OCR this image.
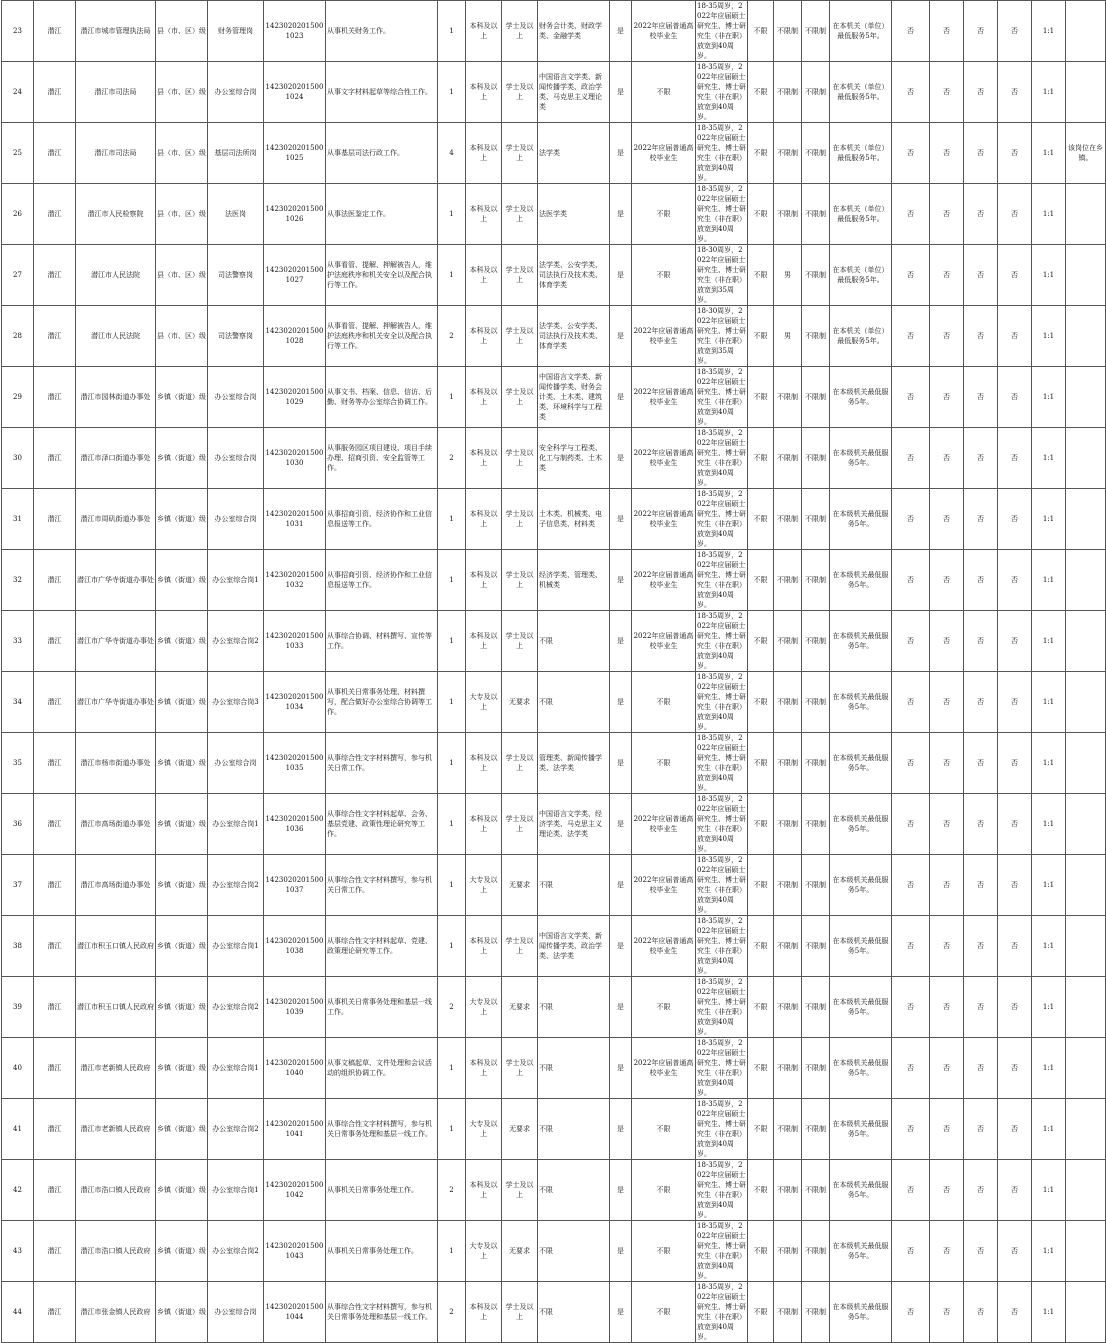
23	潜江	潜江市城市管理执法局	县（市、区）级	财务管理岗	14230202015001023	从事机关财务工作。	1	本科及以上	学士及以上	财务会计类、财政学类、金融学类	是	2022年应届普通高校毕业生	18-35周岁，2022年应届硕士研究生、博士研究生（非在职）放宽到40周岁。	不限	不限制	不限制	在本机关（单位）最低服务5年。	否	否	否	否	1:1	
24	潜江	潜江市司法局	县（市、区）级	办公室综合岗	14230202015001024	从事文字材料起草等综合性工作。	1	本科及以上	学士及以上	中国语言文学类、新闻传播学类、政治学类、马克思主义理论类	是	不限	18-35周岁，2022年应届硕士研究生、博士研究生（非在职）放宽到40周岁。	不限	不限制	不限制	在本机关（单位）最低服务5年。	否	否	否	否	1:1	
25	潜江	潜江市司法局	县（市、区）级	基层司法所岗	14230202015001025	从事基层司法行政工作。	4	本科及以上	学士及以上	法学类	是	2022年应届普通高校毕业生	18-35周岁，2022年应届硕士研究生、博士研究生（非在职）放宽到40周岁。	不限	不限制	不限制	在本机关（单位）最低服务5年。	否	否	否	否	1:1	该岗位在乡镇。
26	潜江	潜江市人民检察院	县（市、区）级	法医岗	14230202015001026	从事法医鉴定工作。	1	本科及以上	学士及以上	法医学类	是	不限	18-35周岁，2022年应届硕士研究生、博士研究生（非在职）放宽到40周岁。	不限	不限制	不限制	在本机关（单位）最低服务5年。	否	否	否	否	1:1	
27	潜江	潜江市人民法院	县（市、区）级	司法警察岗	14230202015001027	从事看管、提解、押解被告人，维护法庭秩序和机关安全以及配合执行等工作。	1	本科及以上	学士及以上	法学类、公安学类、司法执行及技术类、体育学类	是	不限	18-30周岁，2022年应届硕士研究生、博士研究生（非在职）放宽到35周岁。	不限	男	不限制	在本机关（单位）最低服务5年。	否	否	否	否	1:1	
28	潜江	潜江市人民法院	县（市、区）级	司法警察岗	14230202015001028	从事看管、提解、押解被告人，维护法庭秩序和机关安全以及配合执行等工作。	2	本科及以上	学士及以上	法学类、公安学类、司法执行及技术类、体育学类	是	2022年应届普通高校毕业生	18-30周岁，2022年应届硕士研究生、博士研究生（非在职）放宽到35周岁。	不限	男	不限制	在本机关（单位）最低服务5年。	否	否	否	否	1:1	
29	潜江	潜江市园林街道办事处	乡镇（街道）级	办公室综合岗	14230202015001029	从事文书、档案、信息、信访、后勤、财务等办公室综合协调工作。	1	本科及以上	学士及以上	中国语言文学类、新闻传播学类、财务会计类、土木类、建筑类、环境科学与工程类	是	2022年应届普通高校毕业生	18-35周岁，2022年应届硕士研究生、博士研究生（非在职）放宽到40周岁。	不限	不限制	不限制	在本级机关最低服务5年。	否	否	否	否	1:1	
30	潜江	潜江市泽口街道办事处	乡镇（街道）级	办公室综合岗	14230202015001030	从事服务园区项目建设、项目手续办理、招商引资、安全监管等工作。	2	本科及以上	学士及以上	安全科学与工程类、化工与制药类、土木类	是	2022年应届普通高校毕业生	18-35周岁，2022年应届硕士研究生、博士研究生（非在职）放宽到40周岁。	不限	不限制	不限制	在本级机关最低服务5年。	否	否	否	否	1:1	
31	潜江	潜江市周矶街道办事处	乡镇（街道）级	办公室综合岗	14230202015001031	从事招商引资、经济协作和工业信息报送等工作。	1	本科及以上	学士及以上	土木类、机械类、电子信息类、材料类	是	2022年应届普通高校毕业生	18-35周岁，2022年应届硕士研究生、博士研究生（非在职）放宽到40周岁。	不限	不限制	不限制	在本级机关最低服务5年。	否	否	否	否	1:1	
32	潜江	潜江市广华寺街道办事处	乡镇（街道）级	办公室综合岗1	14230202015001032	从事招商引资、经济协作和工业信息报送等工作。	1	本科及以上	学士及以上	经济学类、管理类、机械类	是	2022年应届普通高校毕业生	18-35周岁，2022年应届硕士研究生、博士研究生（非在职）放宽到40周岁。	不限	不限制	不限制	在本级机关最低服务5年。	否	否	否	否	1:1	
33	潜江	潜江市广华寺街道办事处	乡镇（街道）级	办公室综合岗2	14230202015001033	从事综合协调、材料撰写、宣传等工作。	1	本科及以上	学士及以上	不限	是	2022年应届普通高校毕业生	18-35周岁，2022年应届硕士研究生、博士研究生（非在职）放宽到40周岁。	不限	不限制	不限制	在本级机关最低服务5年。	否	否	否	否	1:1	
34	潜江	潜江市广华寺街道办事处	乡镇（街道）级	办公室综合岗3	14230202015001034	从事机关日常事务处理、材料撰写，配合做好办公室综合协调等工作。	1	大专及以上	无要求	不限	是	不限	18-35周岁，2022年应届硕士研究生、博士研究生（非在职）放宽到40周岁。	不限	不限制	不限制	在本级机关最低服务5年。	否	否	否	否	1:1	
35	潜江	潜江市杨市街道办事处	乡镇（街道）级	办公室综合岗	14230202015001035	从事综合性文字材料撰写，参与机关日常工作。	1	本科及以上	学士及以上	管理类、新闻传播学类、法学类	是	不限	18-35周岁，2022年应届硕士研究生、博士研究生（非在职）放宽到40周岁。	不限	不限制	不限制	在本级机关最低服务5年。	否	否	否	否	1:1	
36	潜江	潜江市高场街道办事处	乡镇（街道）级	办公室综合岗1	14230202015001036	从事综合性文字材料起草、会务、基层党建、政策性理论研究等工作。	1	本科及以上	学士及以上	中国语言文学类、经济学类、马克思主义理论类、法学类	是	2022年应届普通高校毕业生	18-35周岁，2022年应届硕士研究生、博士研究生（非在职）放宽到40周岁。	不限	不限制	不限制	在本级机关最低服务5年。	否	否	否	否	1:1	
37	潜江	潜江市高场街道办事处	乡镇（街道）级	办公室综合岗2	14230202015001037	从事综合性文字材料撰写，参与机关日常工作。	1	大专及以上	无要求	不限	是	2022年应届普通高校毕业生	18-35周岁，2022年应届硕士研究生、博士研究生（非在职）放宽到40周岁。	不限	不限制	不限制	在本级机关最低服务5年。	否	否	否	否	1:1	
38	潜江	潜江市积玉口镇人民政府	乡镇（街道）级	办公室综合岗1	14230202015001038	从事综合性文字材料起草、党建、政策理论研究等工作。	1	本科及以上	学士及以上	中国语言文学类、新闻传播学类、政治学类、法学类	是	2022年应届普通高校毕业生	18-35周岁，2022年应届硕士研究生、博士研究生（非在职）放宽到40周岁。	不限	不限制	不限制	在本级机关最低服务5年。	否	否	否	否	1:1	
39	潜江	潜江市积玉口镇人民政府	乡镇（街道）级	办公室综合岗2	14230202015001039	从事机关日常事务处理和基层一线工作。	2	大专及以上	无要求	不限	是	不限	18-35周岁，2022年应届硕士研究生、博士研究生（非在职）放宽到40周岁。	不限	不限制	不限制	在本级机关最低服务5年。	否	否	否	否	1:1	
40	潜江	潜江市老新镇人民政府	乡镇（街道）级	办公室综合岗1	14230202015001040	从事文稿起草、文件处理和会议活动的组织协调工作。	1	本科及以上	学士及以上	不限	是	2022年应届普通高校毕业生	18-35周岁，2022年应届硕士研究生、博士研究生（非在职）放宽到40周岁。	不限	不限制	不限制	在本级机关最低服务5年。	否	否	否	否	1:1	
41	潜江	潜江市老新镇人民政府	乡镇（街道）级	办公室综合岗2	14230202015001041	从事综合性文字材料撰写，参与机关日常事务处理和基层一线工作。	1	大专及以上	无要求	不限	是	不限	18-35周岁，2022年应届硕士研究生、博士研究生（非在职）放宽到40周岁。	不限	不限制	不限制	在本级机关最低服务5年。	否	否	否	否	1:1	
42	潜江	潜江市浩口镇人民政府	乡镇（街道）级	办公室综合岗1	14230202015001042	从事机关日常事务处理工作。	2	本科及以上	学士及以上	不限	是	不限	18-35周岁，2022年应届硕士研究生、博士研究生（非在职）放宽到40周岁。	不限	不限制	不限制	在本级机关最低服务5年。	否	否	否	否	1:1	
43	潜江	潜江市浩口镇人民政府	乡镇（街道）级	办公室综合岗2	14230202015001043	从事机关日常事务处理工作。	1	大专及以上	无要求	不限	是	不限	18-35周岁，2022年应届硕士研究生、博士研究生（非在职）放宽到40周岁。	不限	不限制	不限制	在本级机关最低服务5年。	否	否	否	否	1:1	
44	潜江	潜江市张金镇人民政府	乡镇（街道）级	办公室综合岗	14230202015001044	从事综合性文字材料撰写，参与机关日常事务处理和基层一线工作。	2	本科及以上	学士及以上	不限	是	不限	18-35周岁，2022年应届硕士研究生、博士研究生（非在职）放宽到40周岁。	不限	不限制	不限制	在本级机关最低服务5年。	否	否	否	否	1:1	
